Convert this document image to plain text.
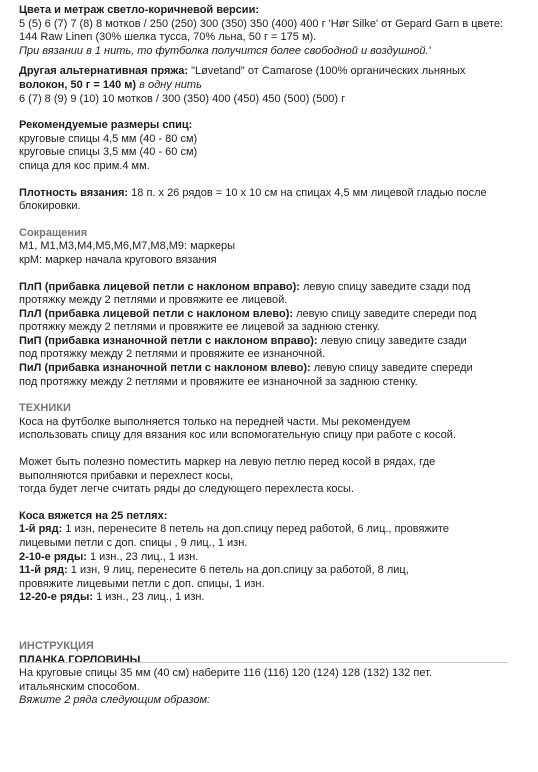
Цвета и метраж светло-коричневой версии:

5 (5) 6 (7) 7 (8) 8 мотков / 250 (250) 300 (350) 350 (400) 400 г 'Hør Silke' от Gepard Garn в цвете:

144 Raw Linen (30% шелка тусса, 70% льна, 50 г = 175 м).

При вязании в 1 нить, то футболка получится более свободной и воздушной.'

Другая альтернативная пряжа: "Løvetand" от Camarose (100% органических льняных

волокон, 50 г = 140 м) в одну нить

6 (7) 8 (9) 9 (10) 10 мотков / 300 (350) 400 (450) 450 (500) (500) г

Рекомендуемые размеры спиц:

круговые спицы 4,5 мм (40 - 80 см)

круговые спицы 3,5 мм (40 - 60 см)

спица для кос прим.4 мм.

Плотность вязания: 18 п. х 26 рядов = 10 х 10 см на спицах 4,5 мм лицевой гладью после

блокировки.

Сокращения

M1, M1,M3,M4,M5,M6,M7,M8,M9: маркеры

крМ: маркер начала кругового вязания

ПлП (прибавка лицевой петли с наклоном вправо): левую спицу заведите сзади под

протяжку между 2 петлями и провяжите ее лицевой.

ПлЛ (прибавка лицевой петли с наклоном влево): левую спицу заведите спереди под

протяжку между 2 петлями и провяжите ее лицевой за заднюю стенку.

ПиП (прибавка изнаночной петли с наклоном вправо): левую спицу заведите сзади

под протяжку между 2 петлями и провяжите ее изнаночной.

ПиЛ (прибавка изнаночной петли с наклоном влево): левую спицу заведите спереди

под протяжку между 2 петлями и провяжите ее изнаночной за заднюю стенку.

ТЕХНИКИ

Коса на футболке выполняется только на передней части. Мы рекомендуем

использовать спицу для вязания кос или вспомогательную спицу при работе с косой.

Может быть полезно поместить маркер на левую петлю перед косой в рядах, где

выполняются прибавки и перехлест косы,

тогда будет легче считать ряды до следующего перехлеста косы.

Коса вяжется на 25 петлях:

1-й ряд: 1 изн, перенесите 8 петель на доп.спицу перед работой, 6 лиц., провяжите

лицевыми петли с доп. спицы , 9 лиц., 1 изн.

2-10-е ряды: 1 изн., 23 лиц., 1 изн.

11-й ряд: 1 изн, 9 лиц, перенесите 6 петель на доп.спицу за работой, 8 лиц,

провяжите лицевыми петли с доп. спицы, 1 изн.

12-20-е ряды: 1 изн., 23 лиц., 1 изн.

ИНСТРУКЦИЯ

ПЛАНКА ГОРЛОВИНЫ

На круговые спицы 35 мм (40 см) наберите 116 (116) 120 (124) 128 (132) 132 пет.

итальянским способом.

Вяжите 2 ряда следующим образом:
